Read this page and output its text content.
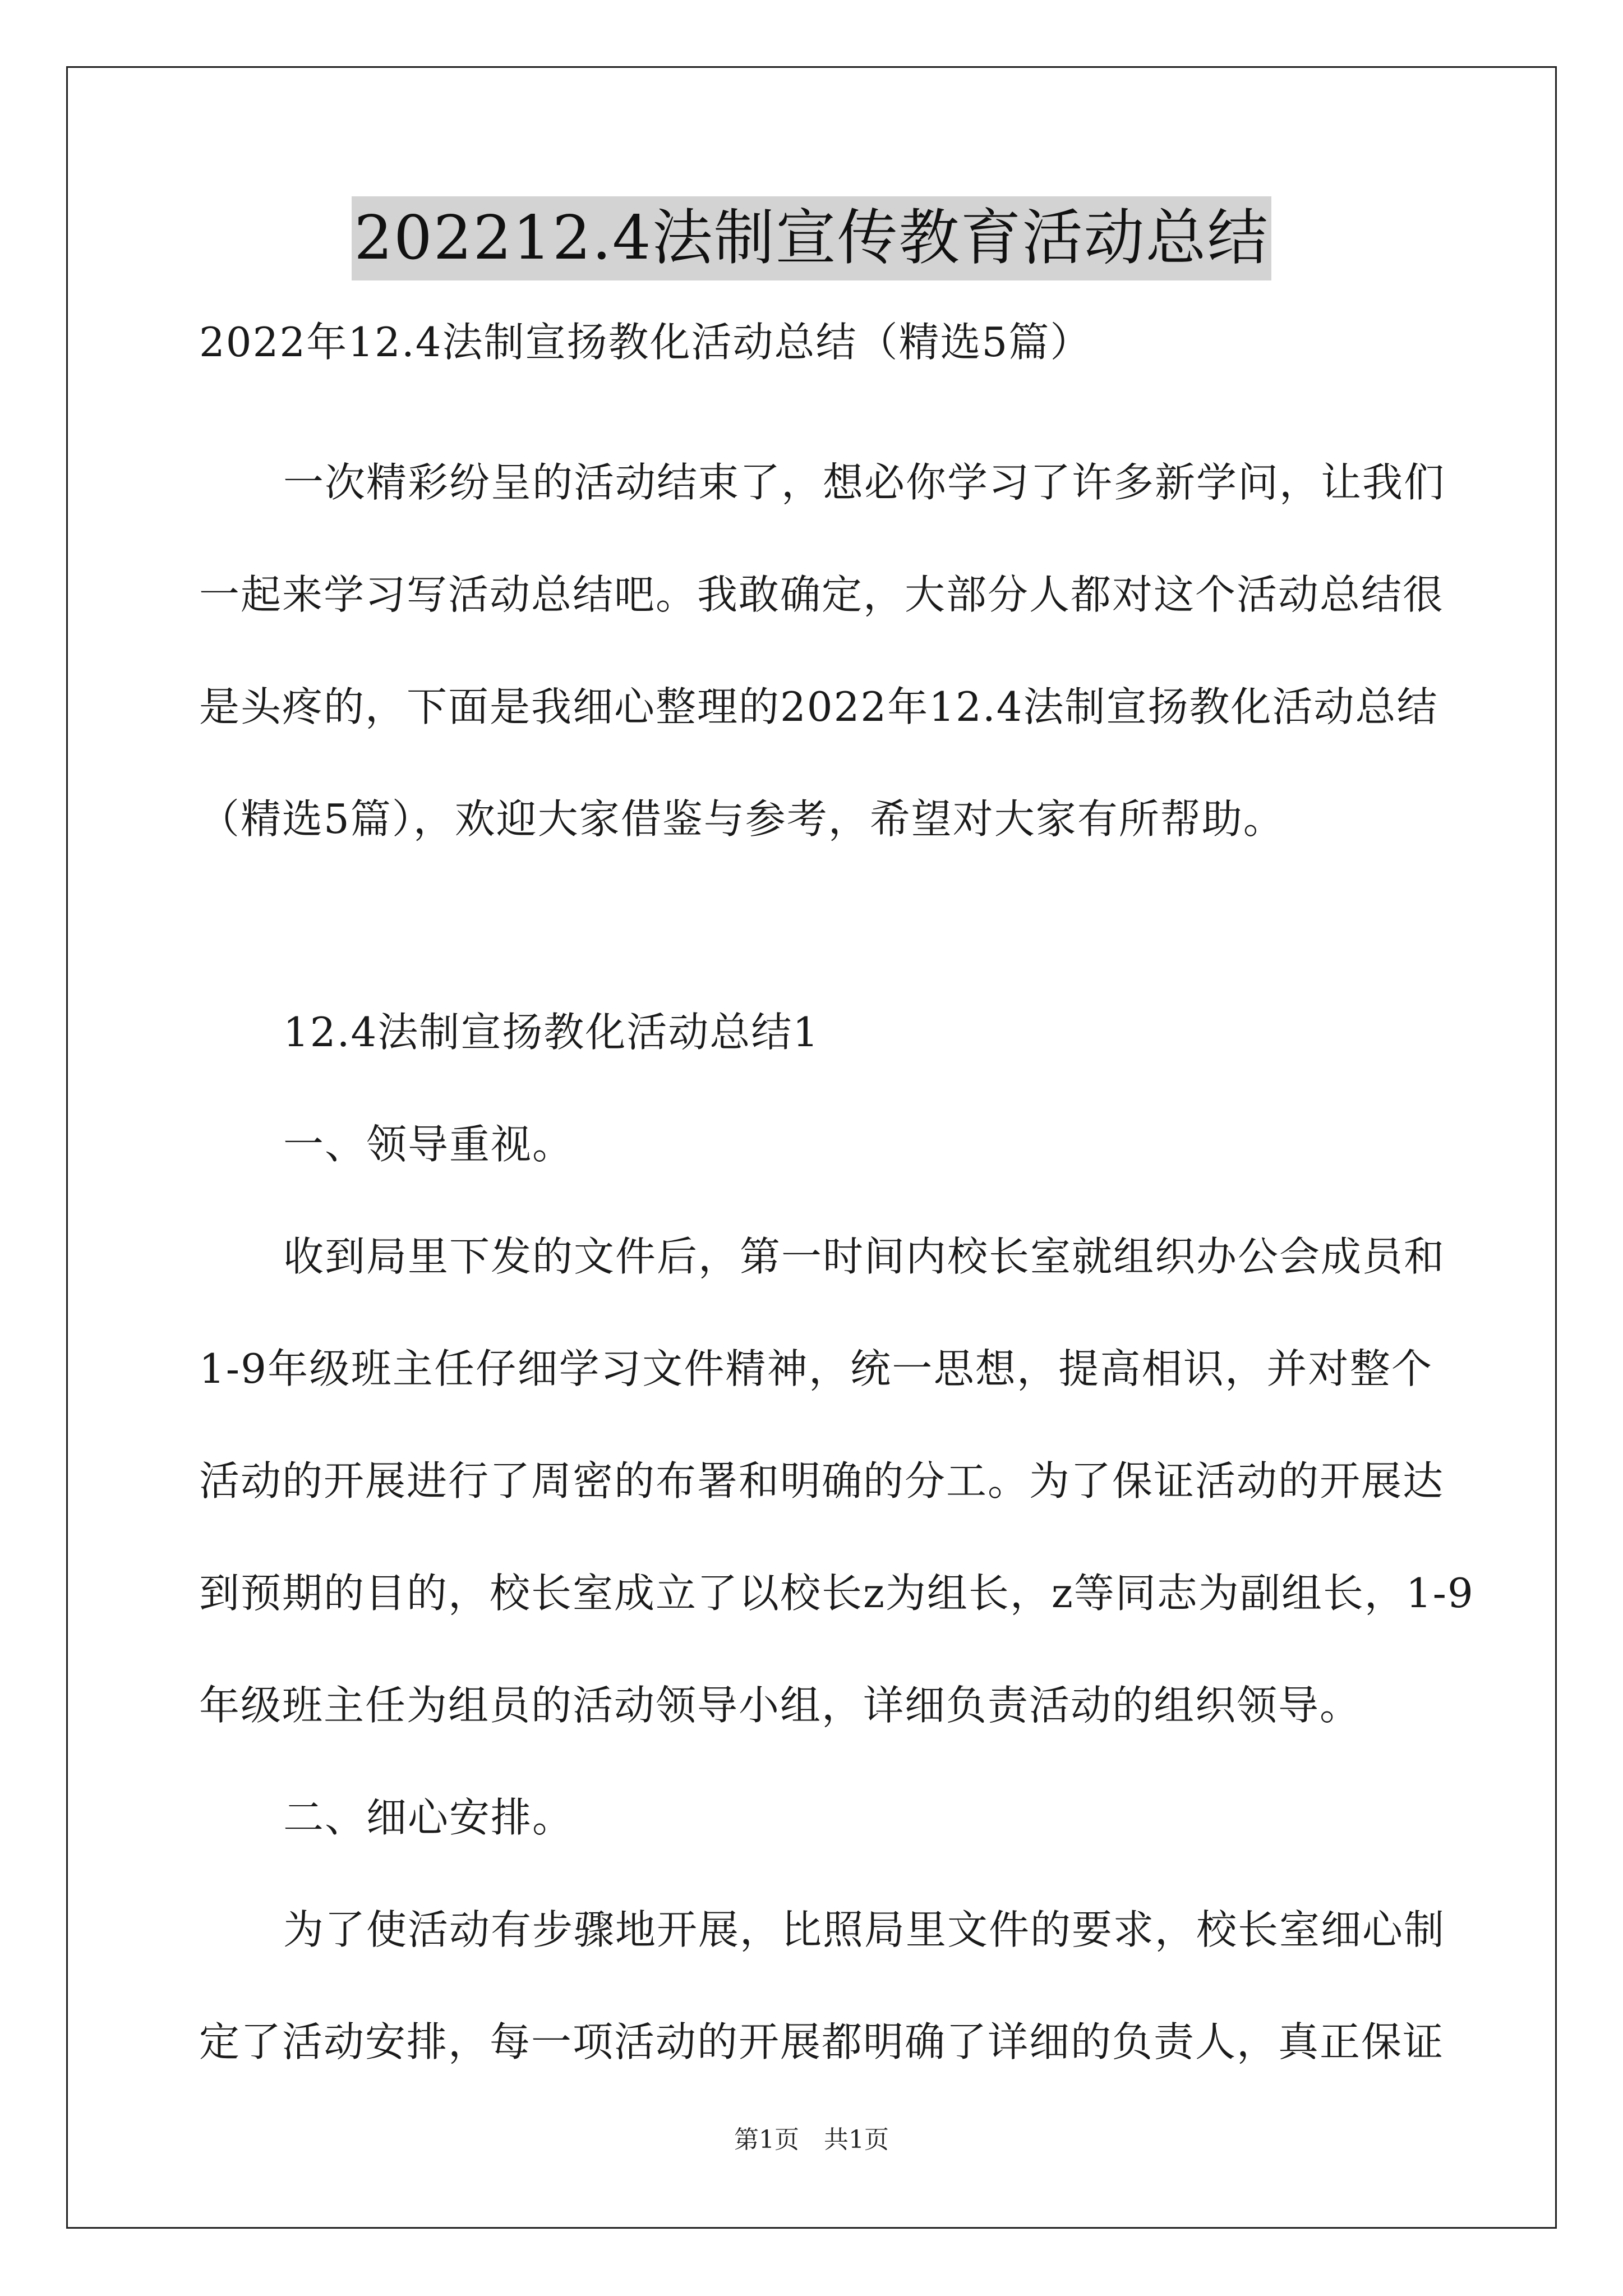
202212.4法制宣传教育活动总结
2022年12.4法制宣扬教化活动总结（精选5篇）
一次精彩纷呈的活动结束了，想必你学习了许多新学问，让我们
一起来学习写活动总结吧。我敢确定，大部分人都对这个活动总结很
是头疼的，下面是我细心整理的2022年12.4法制宣扬教化活动总结
（精选5篇），欢迎大家借鉴与参考，希望对大家有所帮助。
12.4法制宣扬教化活动总结1
一、领导重视。
收到局里下发的文件后，第一时间内校长室就组织办公会成员和
1-9年级班主任仔细学习文件精神，统一思想，提高相识，并对整个
活动的开展进行了周密的布署和明确的分工。为了保证活动的开展达
到预期的目的，校长室成立了以校长z为组长，z等同志为副组长，1-9
年级班主任为组员的活动领导小组，详细负责活动的组织领导。
二、细心安排。
为了使活动有步骤地开展，比照局里文件的要求，校长室细心制
定了活动安排，每一项活动的开展都明确了详细的负责人，真正保证
第1页　共1页
